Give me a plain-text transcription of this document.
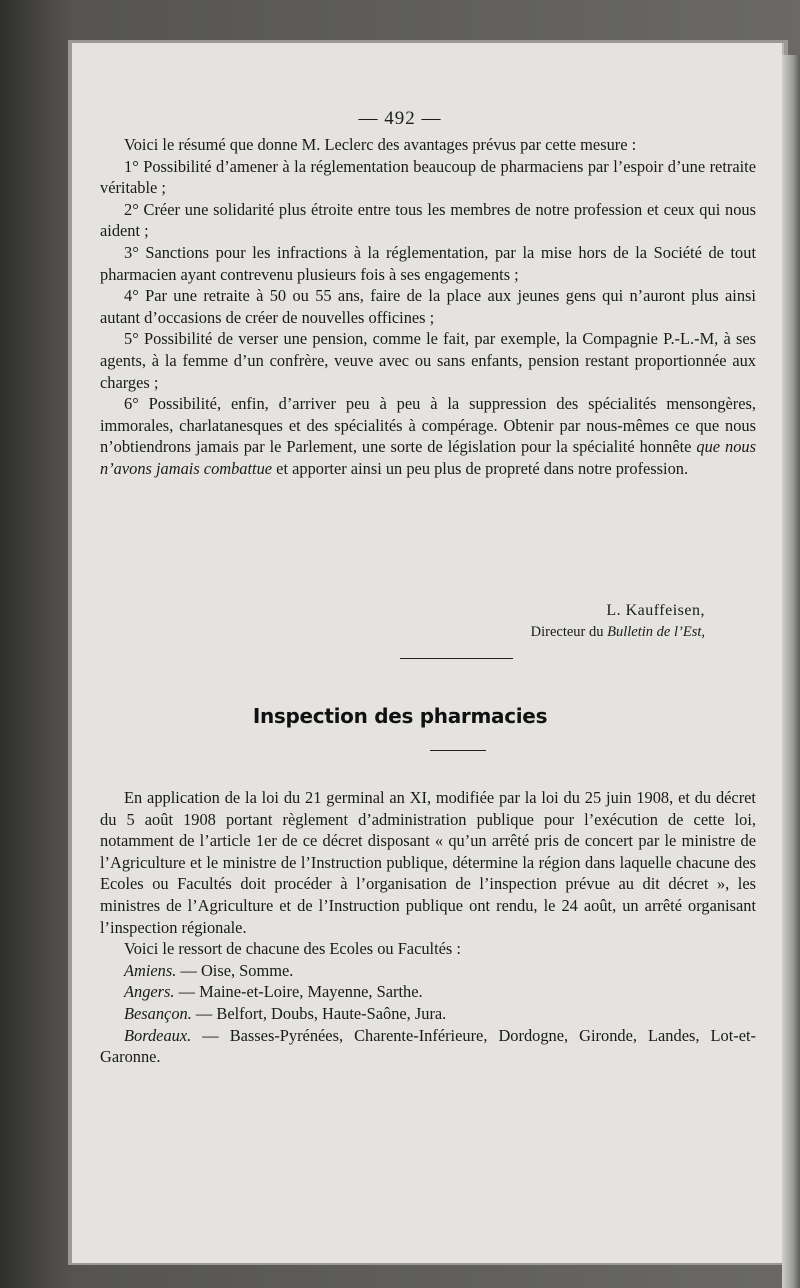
— 492 —

Voici le résumé que donne M. Leclerc des avantages prévus par cette mesure :

1° Possibilité d’amener à la réglementation beaucoup de pharmaciens par l’espoir d’une retraite véritable ;

2° Créer une solidarité plus étroite entre tous les membres de notre profession et ceux qui nous aident ;

3° Sanctions pour les infractions à la réglementation, par la mise hors de la Société de tout pharmacien ayant contrevenu plusieurs fois à ses engagements ;

4° Par une retraite à 50 ou 55 ans, faire de la place aux jeunes gens qui n’auront plus ainsi autant d’occasions de créer de nouvelles officines ;

5° Possibilité de verser une pension, comme le fait, par exemple, la Compagnie P.-L.-M, à ses agents, à la femme d’un confrère, veuve avec ou sans enfants, pension restant proportionnée aux charges ;

6° Possibilité, enfin, d’arriver peu à peu à la suppression des spécialités mensongères, immorales, charlatanesques et des spécialités à compérage. Obtenir par nous-mêmes ce que nous n’obtiendrons jamais par le Parlement, une sorte de législation pour la spécialité honnête que nous n’avons jamais combattue et apporter ainsi un peu plus de propreté dans notre profession.

L. Kauffeisen,
Directeur du Bulletin de l’Est,
Inspection des pharmacies

En application de la loi du 21 germinal an XI, modifiée par la loi du 25 juin 1908, et du décret du 5 août 1908 portant règlement d’administration publique pour l’exécution de cette loi, notamment de l’article 1er de ce décret disposant « qu’un arrêté pris de concert par le ministre de l’Agriculture et le ministre de l’Instruction publique, détermine la région dans laquelle chacune des Ecoles ou Facultés doit procéder à l’organisation de l’inspection prévue au dit décret », les ministres de l’Agriculture et de l’Instruction publique ont rendu, le 24 août, un arrêté organisant l’inspection régionale.

Voici le ressort de chacune des Ecoles ou Facultés :

Amiens. — Oise, Somme.

Angers. — Maine-et-Loire, Mayenne, Sarthe.

Besançon. — Belfort, Doubs, Haute-Saône, Jura.

Bordeaux. — Basses-Pyrénées, Charente-Inférieure, Dordogne, Gironde, Landes, Lot-et-Garonne.
